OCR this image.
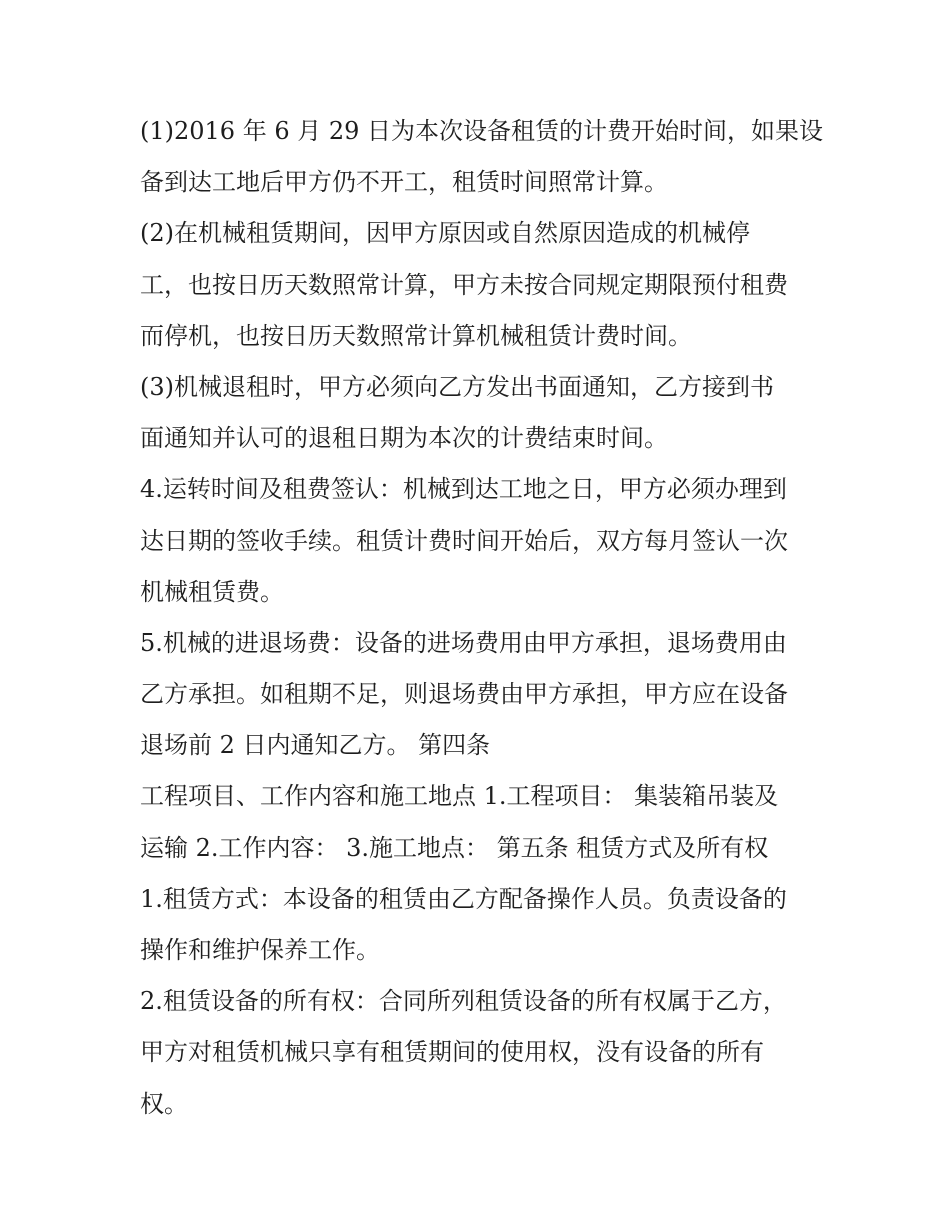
(1)2016 年 6 月 29 日为本次设备租赁的计费开始时间，如果设
备到达工地后甲方仍不开工，租赁时间照常计算。
(2)在机械租赁期间，因甲方原因或自然原因造成的机械停
工，也按日历天数照常计算，甲方未按合同规定期限预付租费
而停机，也按日历天数照常计算机械租赁计费时间。
(3)机械退租时，甲方必须向乙方发出书面通知，乙方接到书
面通知并认可的退租日期为本次的计费结束时间。
4.运转时间及租费签认：机械到达工地之日，甲方必须办理到
达日期的签收手续。租赁计费时间开始后，双方每月签认一次
机械租赁费。
5.机械的进退场费：设备的进场费用由甲方承担，退场费用由
乙方承担。如租期不足，则退场费由甲方承担，甲方应在设备
退场前 2 日内通知乙方。 第四条
工程项目、工作内容和施工地点 1.工程项目： 集装箱吊装及
运输 2.工作内容： 3.施工地点： 第五条 租赁方式及所有权
1.租赁方式：本设备的租赁由乙方配备操作人员。负责设备的
操作和维护保养工作。
2.租赁设备的所有权：合同所列租赁设备的所有权属于乙方，
甲方对租赁机械只享有租赁期间的使用权，没有设备的所有
权。
